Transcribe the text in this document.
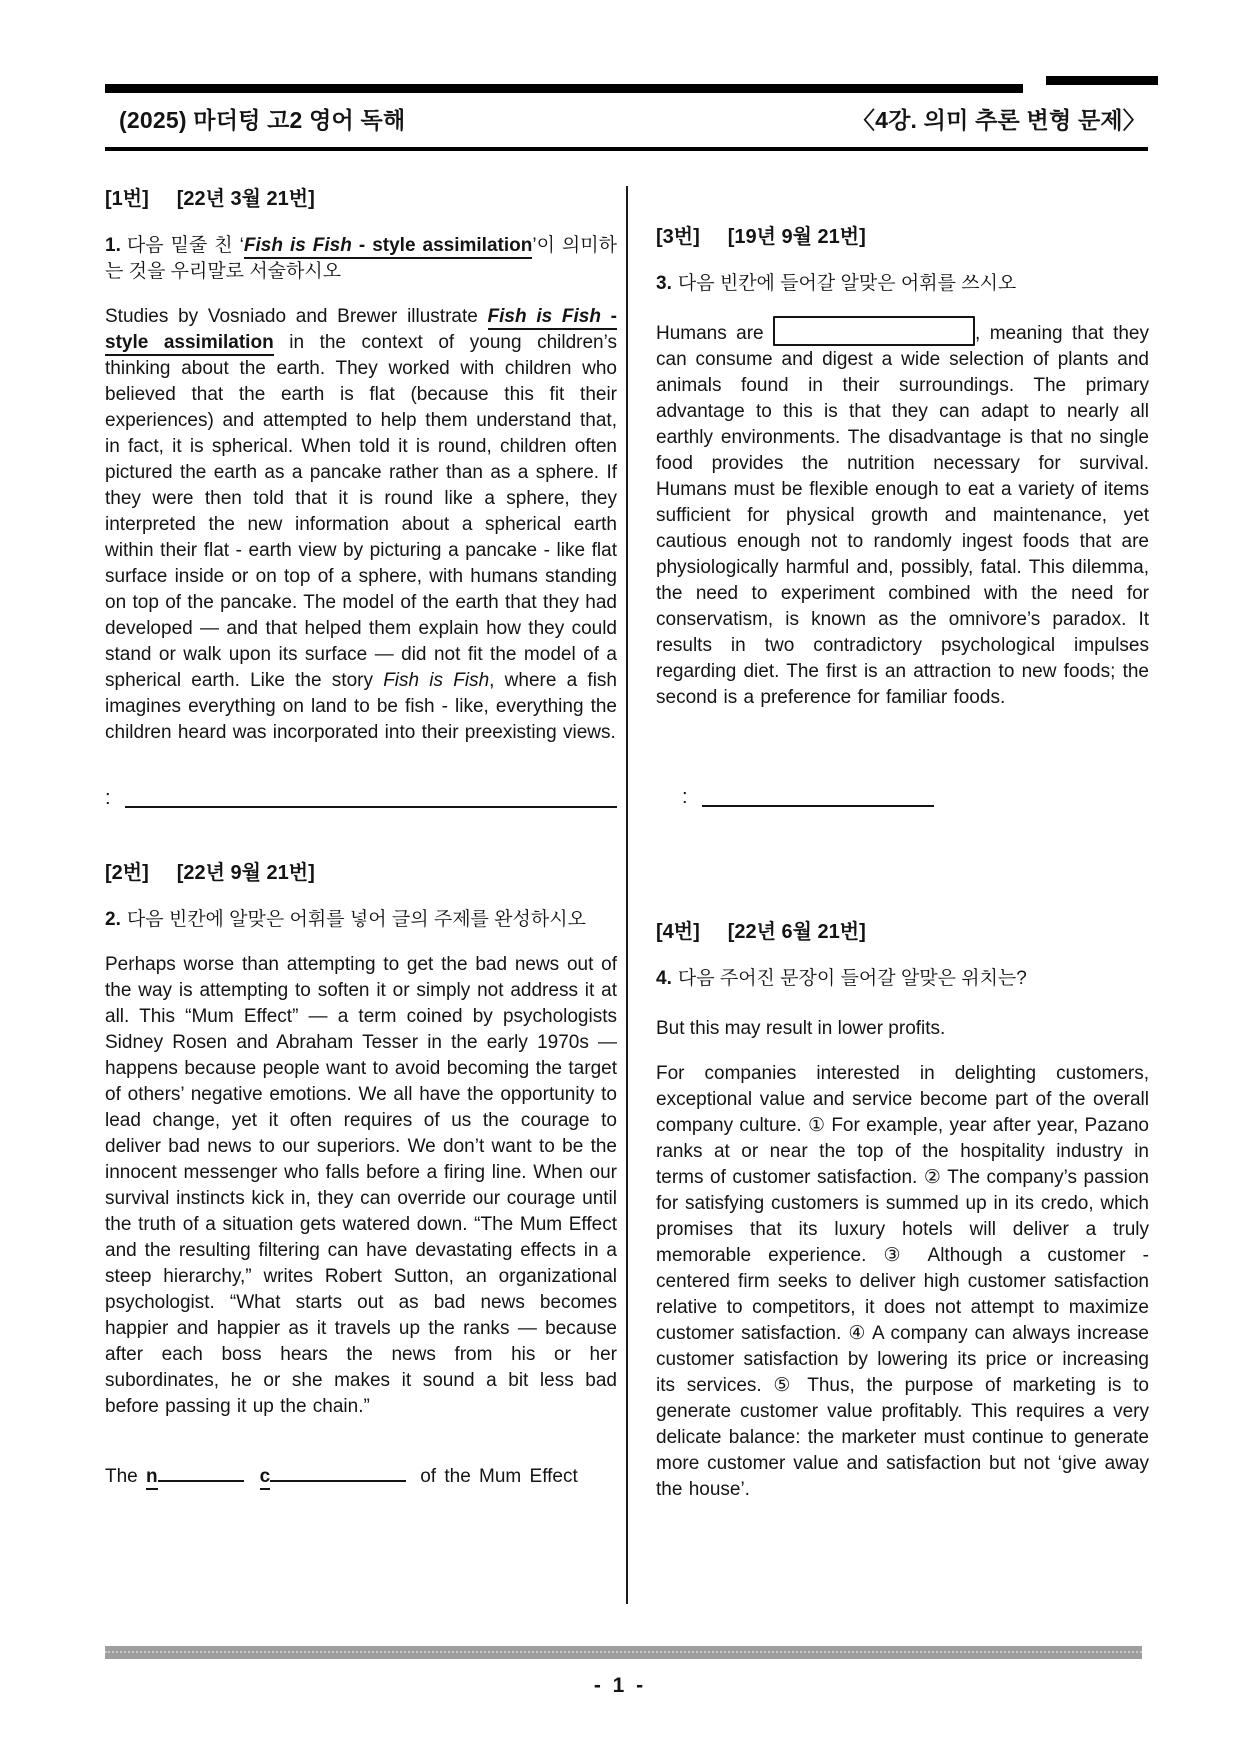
(2025) 마더텅 고2 영어 독해	〈4강. 의미 추론 변형 문제〉
[1번] [22년 3월 21번]

1. 다음 밑줄 친 ‘Fish is Fish - style assimilation’이 의미하는 것을 우리말로 서술하시오

Studies by Vosniado and Brewer illustrate Fish is Fish - style assimilation in the context of young children’s thinking about the earth. They worked with children who believed that the earth is flat (because this fit their experiences) and attempted to help them understand that, in fact, it is spherical. When told it is round, children often pictured the earth as a pancake rather than as a sphere. If they were then told that it is round like a sphere, they interpreted the new information about a spherical earth within their flat - earth view by picturing a pancake - like flat surface inside or on top of a sphere, with humans standing on top of the pancake. The model of the earth that they had developed — and that helped them explain how they could stand or walk upon its surface — did not fit the model of a spherical earth. Like the story Fish is Fish, where a fish imagines everything on land to be fish - like, everything the children heard was incorporated into their preexisting views.

:
[2번] [22년 9월 21번]

2. 다음 빈칸에 알맞은 어휘를 넣어 글의 주제를 완성하시오

Perhaps worse than attempting to get the bad news out of the way is attempting to soften it or simply not address it at all. This “Mum Effect” — a term coined by psychologists Sidney Rosen and Abraham Tesser in the early 1970s — happens because people want to avoid becoming the target of others’ negative emotions. We all have the opportunity to lead change, yet it often requires of us the courage to deliver bad news to our superiors. We don’t want to be the innocent messenger who falls before a firing line. When our survival instincts kick in, they can override our courage until the truth of a situation gets watered down. “The Mum Effect and the resulting filtering can have devastating effects in a steep hierarchy,” writes Robert Sutton, an organizational psychologist. “What starts out as bad news becomes happier and happier as it travels up the ranks — because after each boss hears the news from his or her subordinates, he or she makes it sound a bit less bad before passing it up the chain.”

The n	c	of the Mum Effect
[3번] [19년 9월 21번]

3. 다음 빈칸에 들어갈 알맞은 어휘를 쓰시오

Humans are	, meaning that they can consume and digest a wide selection of plants and animals found in their surroundings. The primary advantage to this is that they can adapt to nearly all earthly environments. The disadvantage is that no single food provides the nutrition necessary for survival. Humans must be flexible enough to eat a variety of items sufficient for physical growth and maintenance, yet cautious enough not to randomly ingest foods that are physiologically harmful and, possibly, fatal. This dilemma, the need to experiment combined with the need for conservatism, is known as the omnivore’s paradox. It results in two contradictory psychological impulses regarding diet. The first is an attraction to new foods; the second is a preference for familiar foods.

:
[4번] [22년 6월 21번]

4. 다음 주어진 문장이 들어갈 알맞은 위치는?

But this may result in lower profits.

For companies interested in delighting customers, exceptional value and service become part of the overall company culture. ① For example, year after year, Pazano ranks at or near the top of the hospitality industry in terms of customer satisfaction. ② The company’s passion for satisfying customers is summed up in its credo, which promises that its luxury hotels will deliver a truly memorable experience. ③ Although a customer - centered firm seeks to deliver high customer satisfaction relative to competitors, it does not attempt to maximize customer satisfaction. ④ A company can always increase customer satisfaction by lowering its price or increasing its services. ⑤ Thus, the purpose of marketing is to generate customer value profitably. This requires a very delicate balance: the marketer must continue to generate more customer value and satisfaction but not ‘give away the house’.

- 1 -
